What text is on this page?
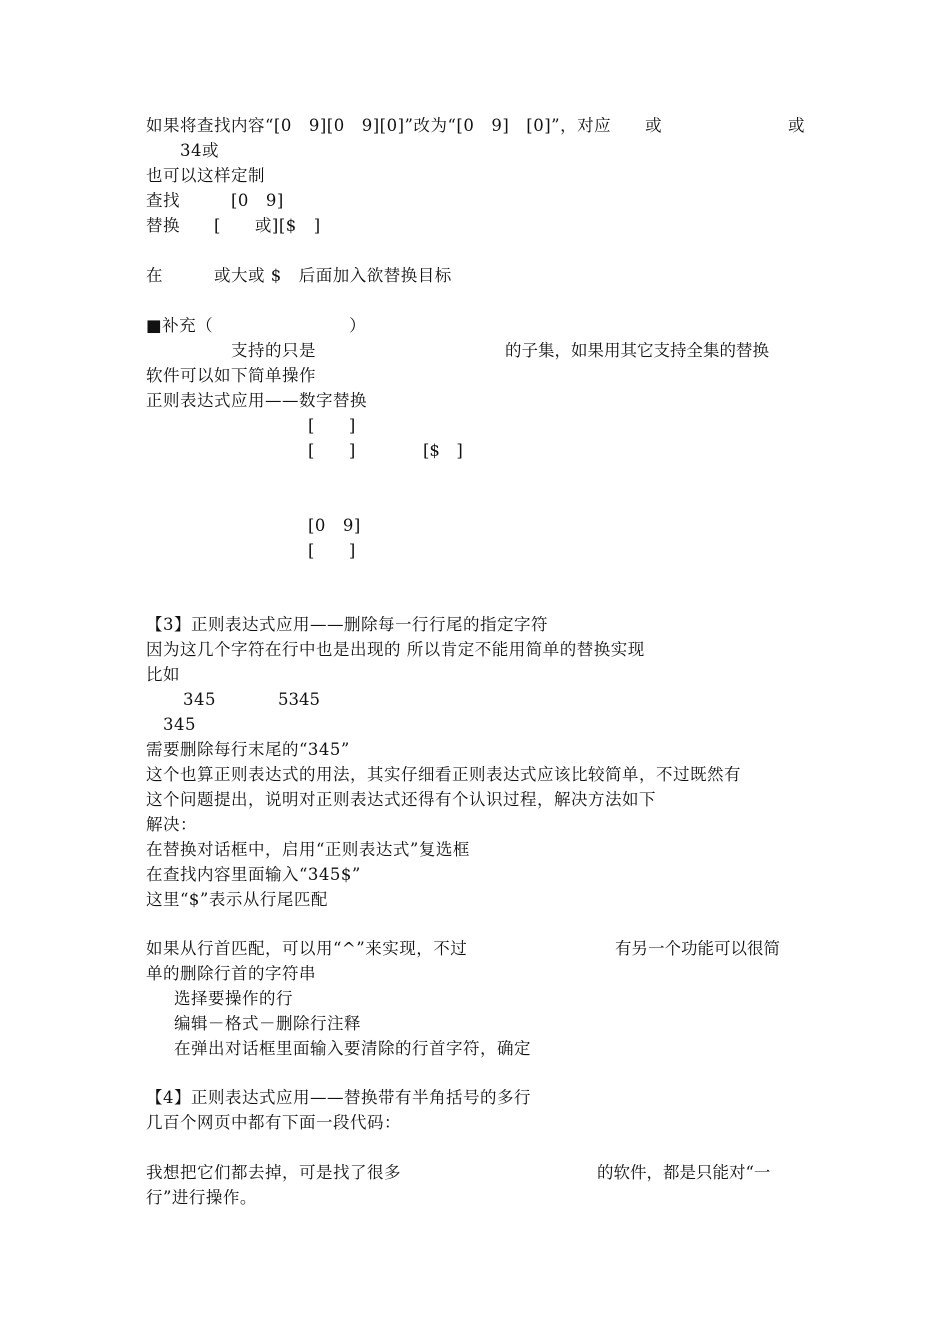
如果将查找内容“[0　9][0　9][0]”改为“[0　9]　[0]”，对应　　或	或
　　34或
也可以这样定制
查找　　　[0　9]
替换　　[　　或][$　]
在　　　或大或 $　后面加入欲替换目标
■补充（　　　　　　　　）
　　　　　支持的只是	的子集，如果用其它支持全集的替换
软件可以如下简单操作
正则表达式应用——数字替换
[　　]
[　　]	[$　]
[0　9]
[　　]
【3】正则表达式应用——删除每一行行尾的指定字符
因为这几个字符在行中也是出现的 所以肯定不能用简单的替换实现
比如
　345	5345
　345
需要删除每行末尾的“345”
这个也算正则表达式的用法，其实仔细看正则表达式应该比较简单，不过既然有
这个问题提出，说明对正则表达式还得有个认识过程，解决方法如下
解决：
在替换对话框中，启用“正则表达式”复选框
在查找内容里面输入“345$”
这里“$”表示从行尾匹配
如果从行首匹配，可以用“^”来实现，不过	有另一个功能可以很简
单的删除行首的字符串
选择要操作的行
编辑－格式－删除行注释
在弹出对话框里面输入要清除的行首字符，确定
【4】正则表达式应用——替换带有半角括号的多行
几百个网页中都有下面一段代码：
我想把它们都去掉，可是找了很多	的软件，都是只能对“一
行”进行操作。
